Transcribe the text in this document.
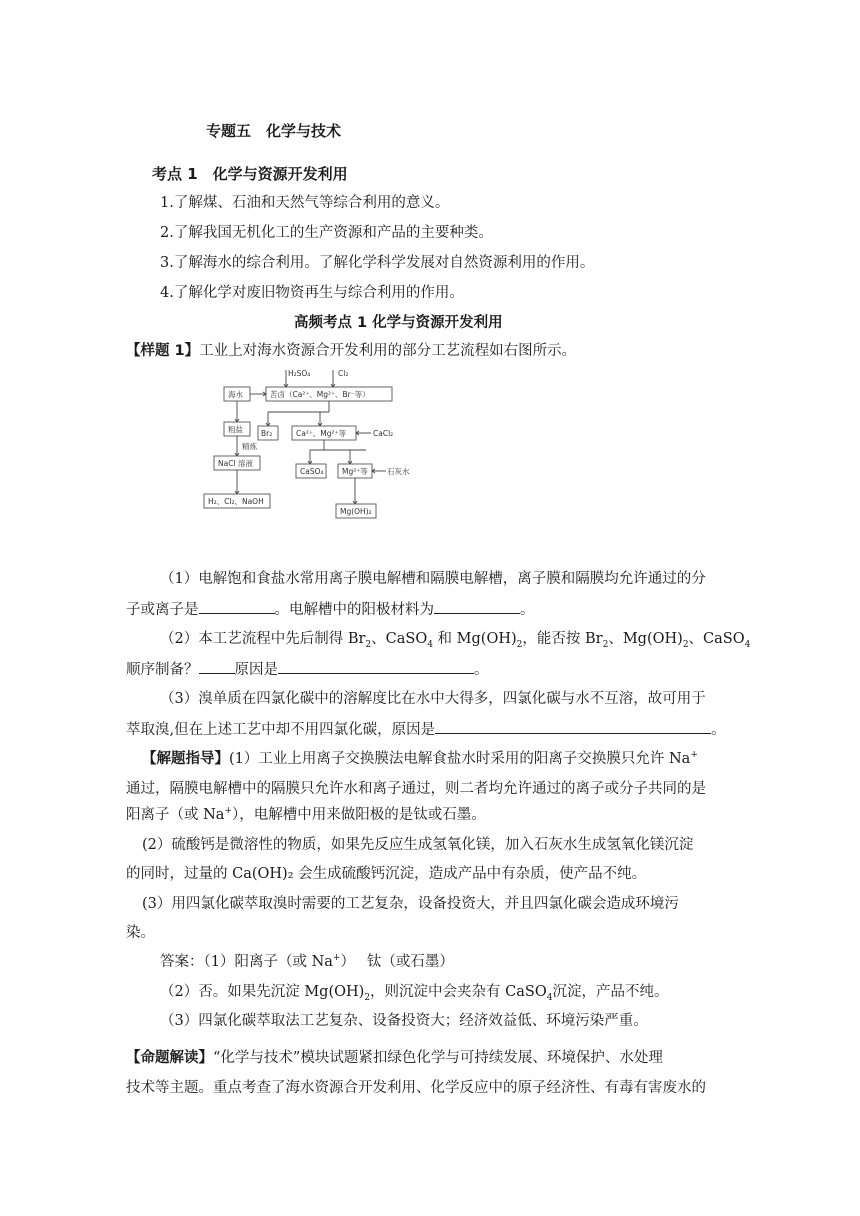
专题五　化学与技术
考点 1　化学与资源开发利用
1.了解煤、石油和天然气等综合利用的意义。
2.了解我国无机化工的生产资源和产品的主要种类。
3.了解海水的综合利用。了解化学科学发展对自然资源利用的作用。
4.了解化学对废旧物资再生与综合利用的作用。
高频考点 1 化学与资源开发利用
【样题 1】工业上对海水资源合开发利用的部分工艺流程如右图所示。
海水	苦卤（Ca²⁺、Mg²⁺、Br⁻等）
H₂SO₄	Cl₂
粗盐
精炼
NaCl 溶液
H₂、Cl₂、NaOH
Br₂	Ca²⁺、Mg²⁺等	CaCl₂
CaSO₄ Mg²⁺等	石灰水
Mg(OH)₂
（1）电解饱和食盐水常用离子膜电解槽和隔膜电解槽，离子膜和隔膜均允许通过的分
子或离子是	。电解槽中的阳极材料为	。
（2）本工艺流程中先后制得 $Br_2$、CaSO$_4$ 和 $Mg(OH)_2$，能否按 $Br_2$、$Mg(OH)_2$、CaSO$_4$
顺序制备？ 原因是	。
（3）溴单质在四氯化碳中的溶解度比在水中大得多，四氯化碳与水不互溶，故可用于
萃取溴,但在上述工艺中却不用四氯化碳，原因是	。
【解题指导】(1）工业上用离子交换膜法电解食盐水时采用的阳离子交换膜只允许 Na+
通过，隔膜电解槽中的隔膜只允许水和离子通过，则二者均允许通过的离子或分子共同的是
阳离子（或 Na+），电解槽中用来做阳极的是钛或石墨。
(2）硫酸钙是微溶性的物质，如果先反应生成氢氧化镁，加入石灰水生成氢氧化镁沉淀
的同时，过量的 Ca(OH)₂ 会生成硫酸钙沉淀，造成产品中有杂质，使产品不纯。
(3）用四氯化碳萃取溴时需要的工艺复杂，设备投资大，并且四氯化碳会造成环境污
染。
答案：（1）阳离子（或 Na+）　 钛（或石墨）
（2）否。如果先沉淀 $Mg(OH)_2$，则沉淀中会夹杂有 CaSO$_4$沉淀，产品不纯。
（3）四氯化碳萃取法工艺复杂、设备投资大；经济效益低、环境污染严重。
【命题解读】“化学与技术”模块试题紧扣绿色化学与可持续发展、环境保护、水处理
技术等主题。重点考查了海水资源合开发利用、化学反应中的原子经济性、有毒有害废水的
